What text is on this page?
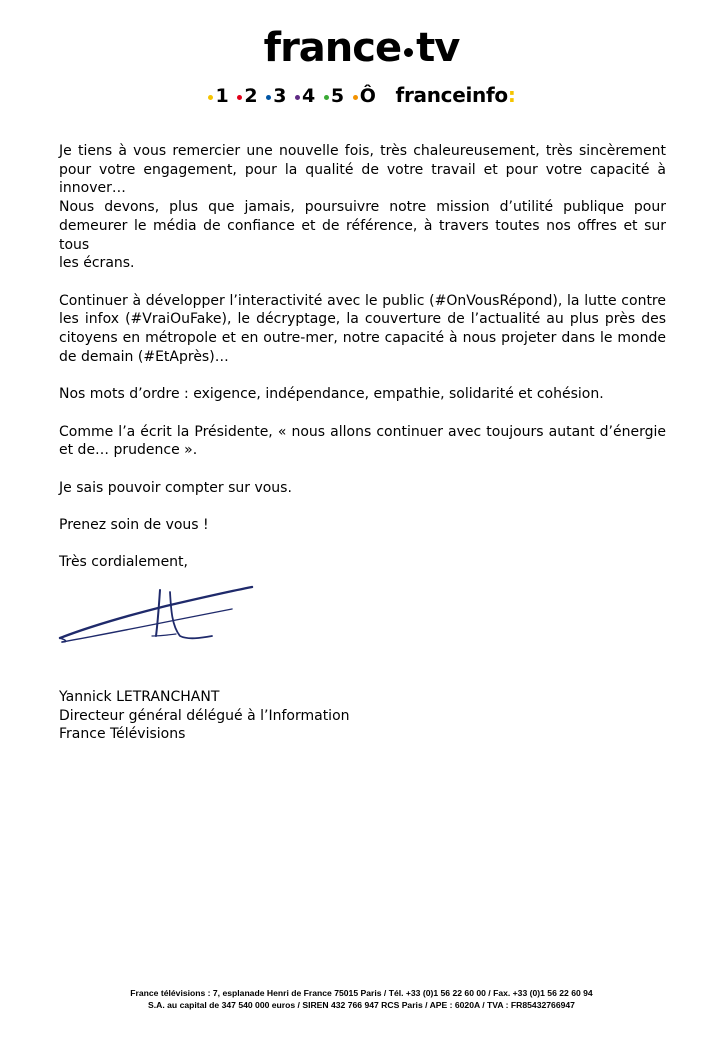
france tv
1 2 3 4 5 Ô franceinfo:
Je tiens à vous remercier une nouvelle fois, très chaleureusement, très sincèrement
pour votre engagement, pour la qualité de votre travail et pour votre capacité à
innover…
Nous devons, plus que jamais, poursuivre notre mission d’utilité publique pour
demeurer le média de confiance et de référence, à travers toutes nos offres et sur tous
les écrans.
Continuer à développer l’interactivité avec le public (#OnVousRépond), la lutte contre
les infox (#VraiOuFake), le décryptage, la couverture de l’actualité au plus près des
citoyens en métropole et en outre-mer, notre capacité à nous projeter dans le monde
de demain (#EtAprès)…
Nos mots d’ordre : exigence, indépendance, empathie, solidarité et cohésion.
Comme l’a écrit la Présidente, « nous allons continuer avec toujours autant d’énergie
et de… prudence ».
Je sais pouvoir compter sur vous.
Prenez soin de vous !
Très cordialement,
Yannick LETRANCHANT
Directeur général délégué à l’Information
France Télévisions
France télévisions : 7, esplanade Henri de France 75015 Paris / Tél. +33 (0)1 56 22 60 00 / Fax. +33 (0)1 56 22 60 94
S.A. au capital de 347 540 000 euros / SIREN 432 766 947 RCS Paris / APE : 6020A / TVA : FR85432766947
